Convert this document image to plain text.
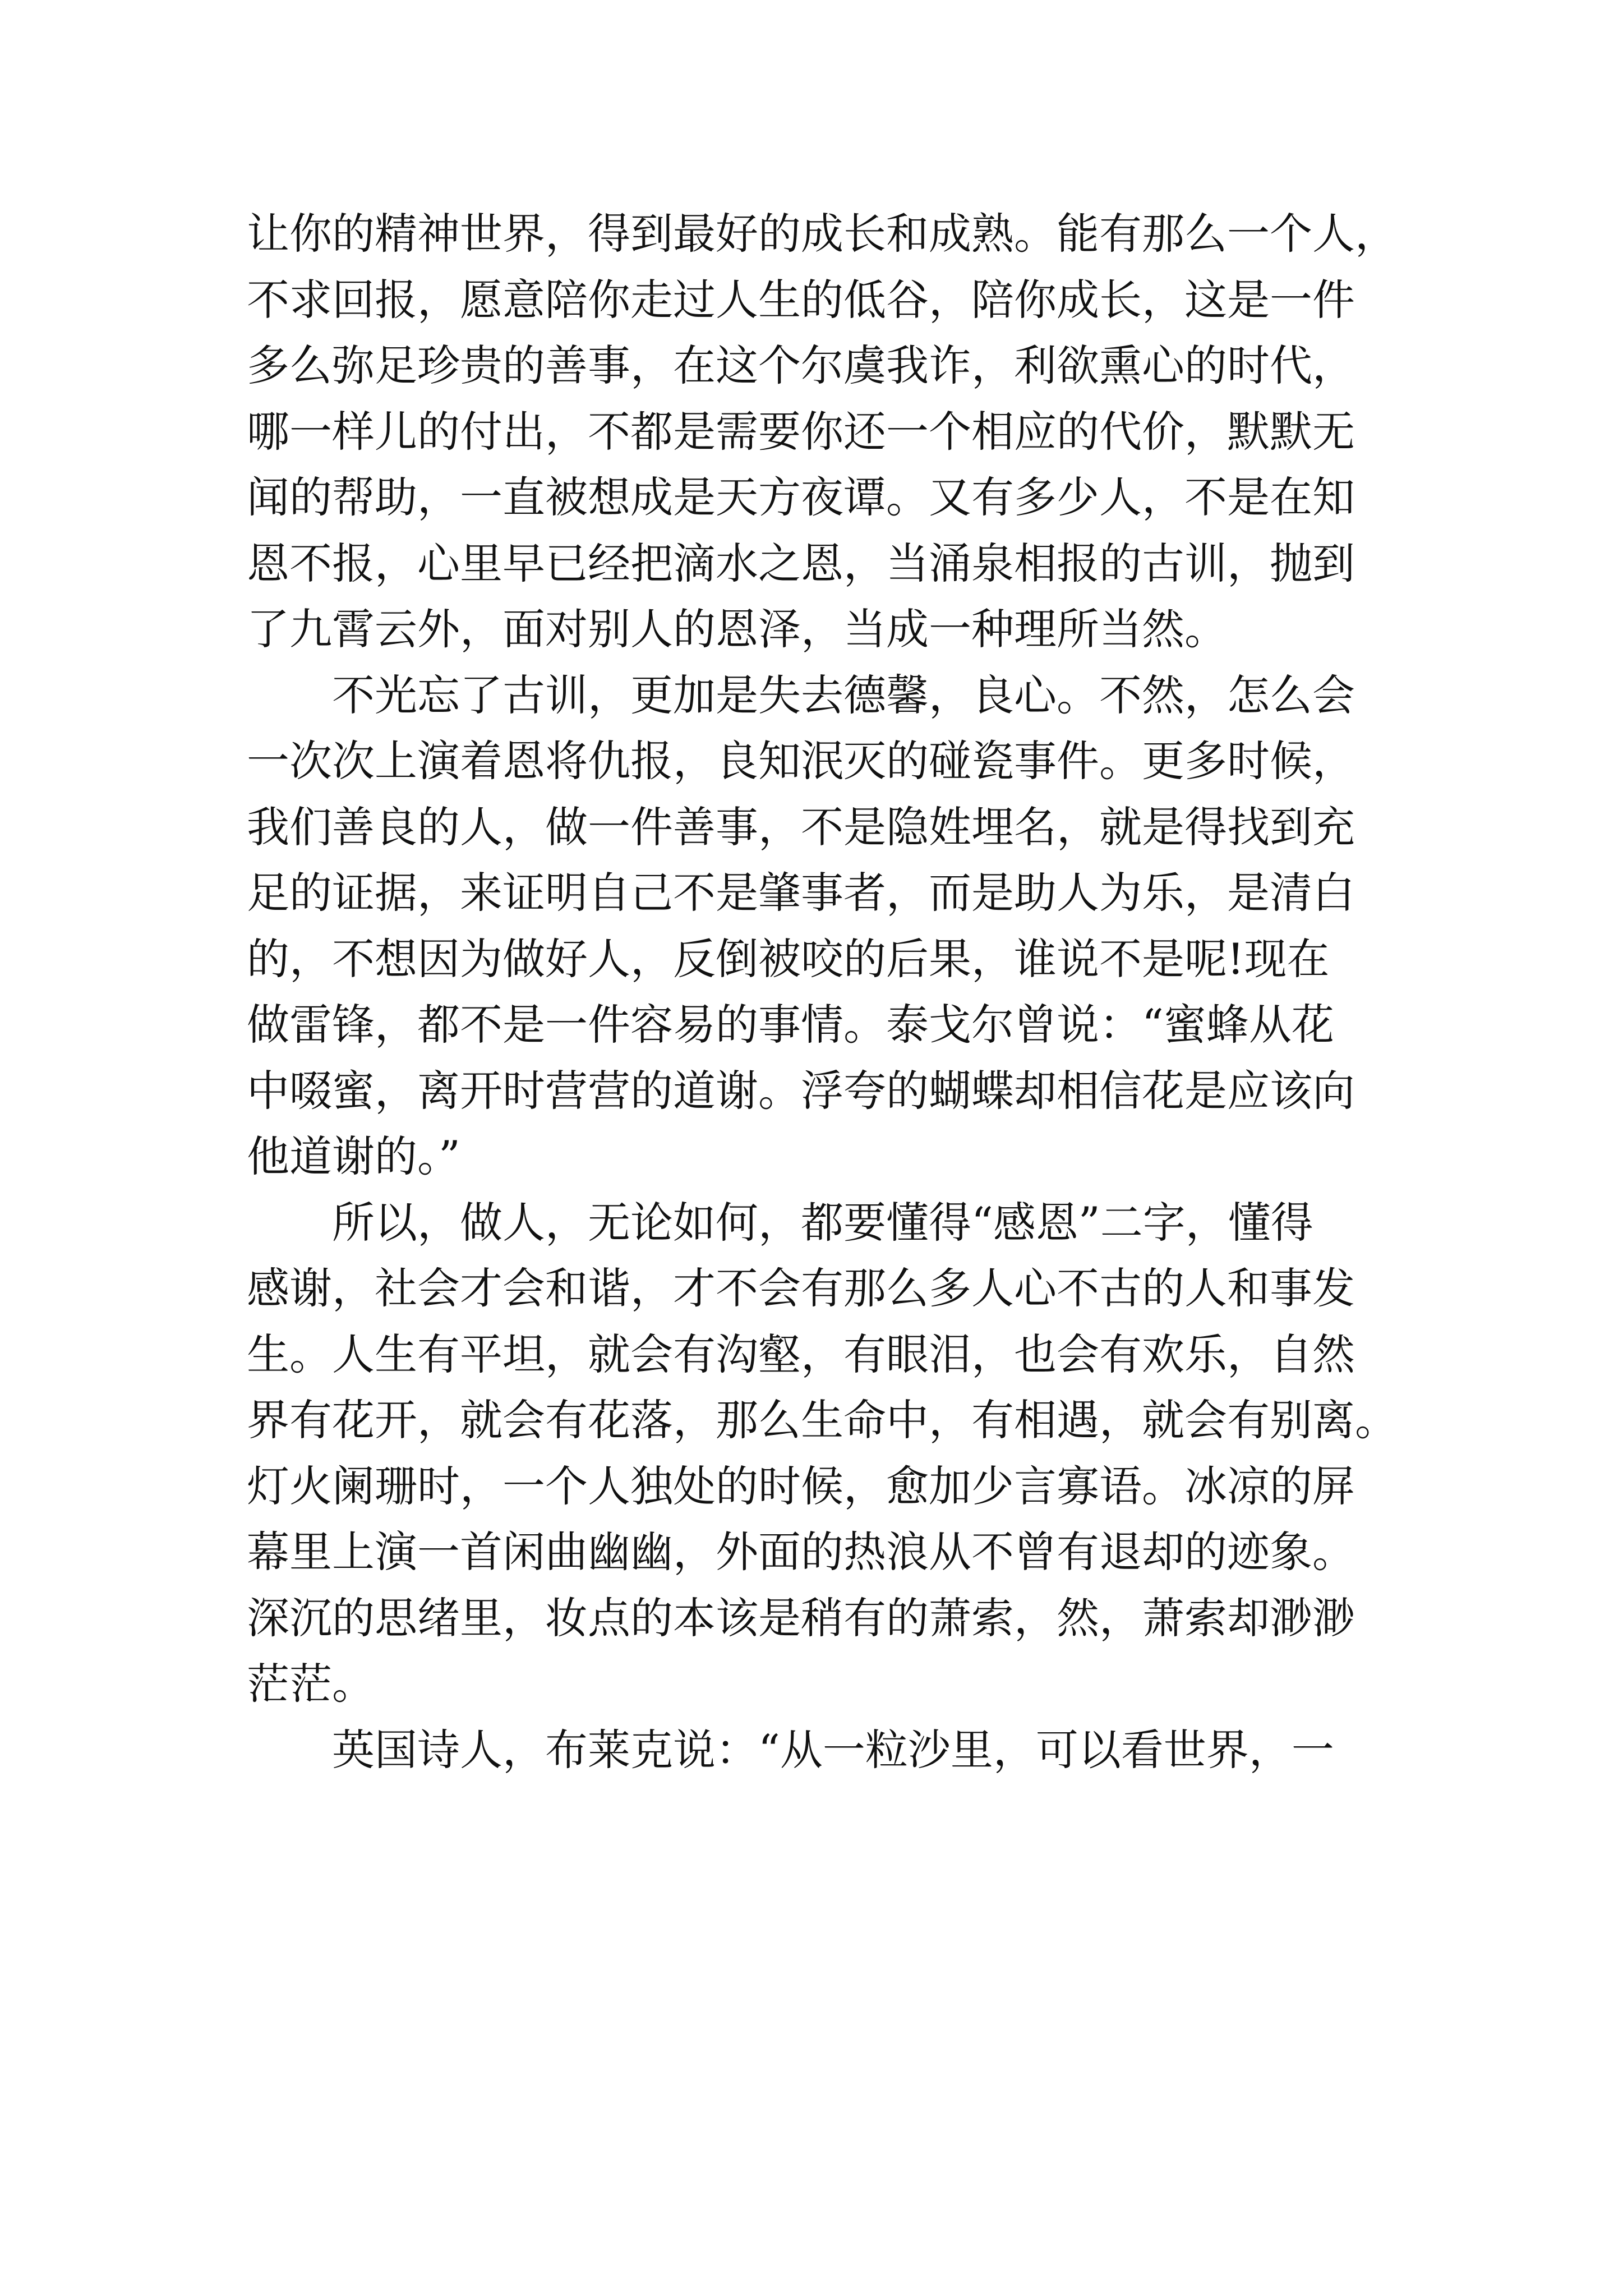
让你的精神世界，得到最好的成长和成熟。能有那么一个人，
不求回报，愿意陪你走过人生的低谷，陪你成长，这是一件
多么弥足珍贵的善事，在这个尔虞我诈，利欲熏心的时代，
哪一样儿的付出，不都是需要你还一个相应的代价，默默无
闻的帮助，一直被想成是天方夜谭。又有多少人，不是在知
恩不报，心里早已经把滴水之恩，当涌泉相报的古训，抛到
了九霄云外，面对别人的恩泽，当成一种理所当然。
不光忘了古训，更加是失去德馨，良心。不然，怎么会
一次次上演着恩将仇报，良知泯灭的碰瓷事件。更多时候，
我们善良的人，做一件善事，不是隐姓埋名，就是得找到充
足的证据，来证明自己不是肇事者，而是助人为乐，是清白
的，不想因为做好人，反倒被咬的后果，谁说不是呢!现在
做雷锋，都不是一件容易的事情。泰戈尔曾说：“蜜蜂从花
中啜蜜，离开时营营的道谢。浮夸的蝴蝶却相信花是应该向
他道谢的。”
所以，做人，无论如何，都要懂得“感恩”二字，懂得
感谢，社会才会和谐，才不会有那么多人心不古的人和事发
生。人生有平坦，就会有沟壑，有眼泪，也会有欢乐，自然
界有花开，就会有花落，那么生命中，有相遇，就会有别离。
灯火阑珊时，一个人独处的时候，愈加少言寡语。冰凉的屏
幕里上演一首闲曲幽幽，外面的热浪从不曾有退却的迹象。
深沉的思绪里，妆点的本该是稍有的萧索，然，萧索却渺渺
茫茫。
英国诗人，布莱克说：“从一粒沙里，可以看世界，一
